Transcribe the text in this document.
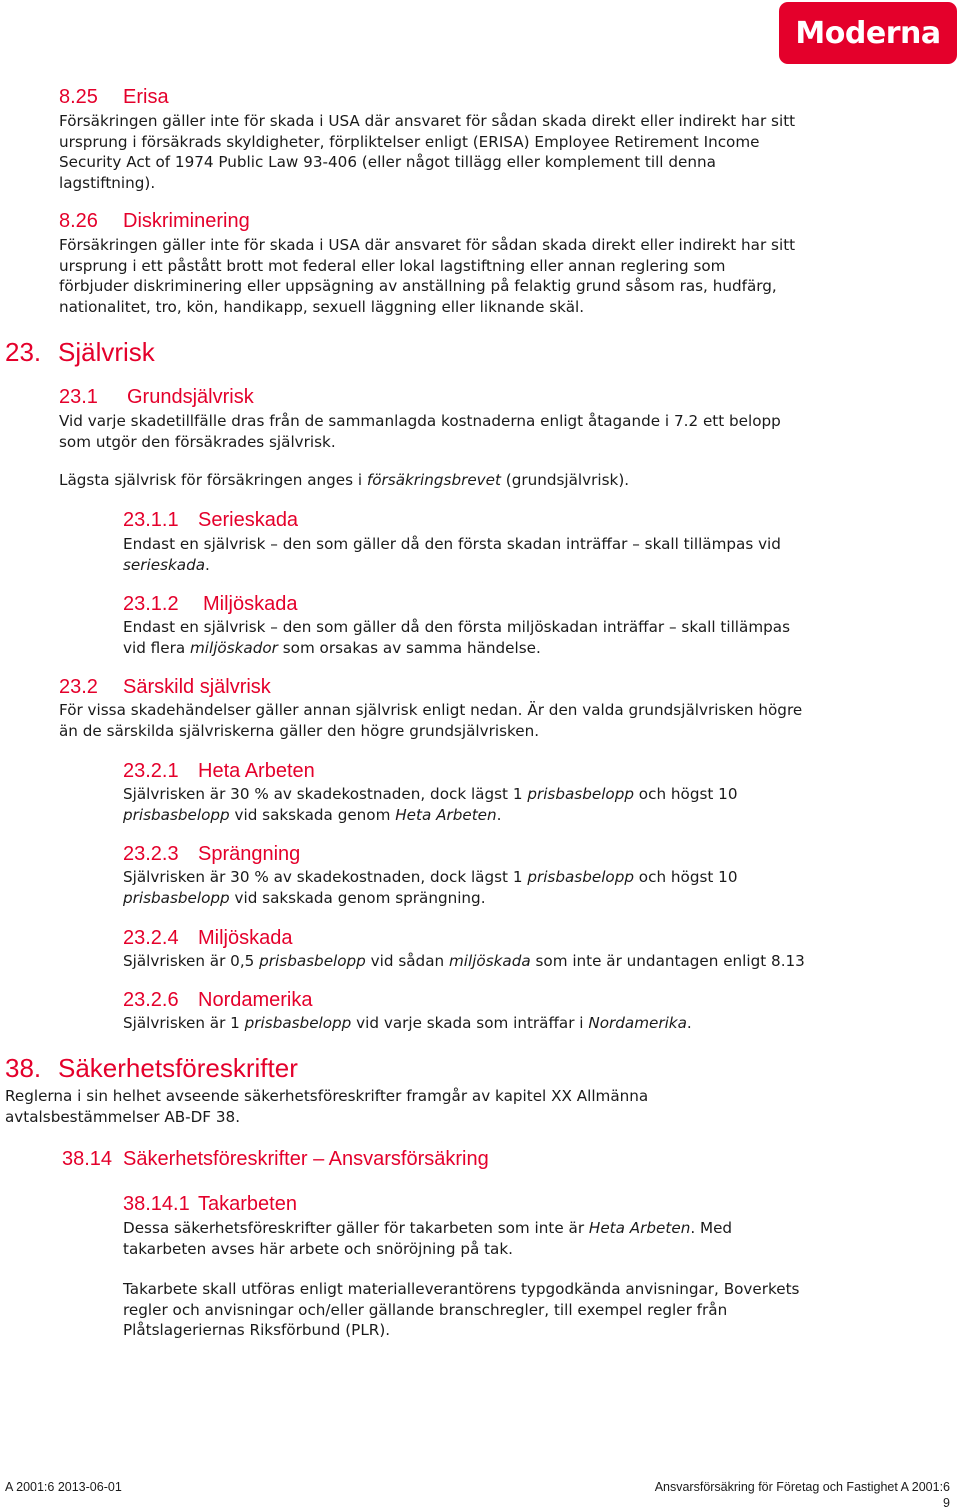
Moderna
8.25 Erisa
Försäkringen gäller inte för skada i USA där ansvaret för sådan skada direkt eller indirekt har sitt
ursprung i försäkrads skyldigheter, förpliktelser enligt (ERISA) Employee Retirement Income
Security Act of 1974 Public Law 93-406 (eller något tillägg eller komplement till denna
lagstiftning).
8.26 Diskriminering
Försäkringen gäller inte för skada i USA där ansvaret för sådan skada direkt eller indirekt har sitt
ursprung i ett påstått brott mot federal eller lokal lagstiftning eller annan reglering som
förbjuder diskriminering eller uppsägning av anställning på felaktig grund såsom ras, hudfärg,
nationalitet, tro, kön, handikapp, sexuell läggning eller liknande skäl.
23. Självrisk
23.1 Grundsjälvrisk
Vid varje skadetillfälle dras från de sammanlagda kostnaderna enligt åtagande i 7.2 ett belopp
som utgör den försäkrades självrisk.
Lägsta självrisk för försäkringen anges i försäkringsbrevet (grundsjälvrisk).
23.1.1 Serieskada
Endast en självrisk – den som gäller då den första skadan inträffar – skall tillämpas vid
serieskada.
23.1.2 Miljöskada
Endast en självrisk – den som gäller då den första miljöskadan inträffar – skall tillämpas
vid flera miljöskador som orsakas av samma händelse.
23.2 Särskild självrisk
För vissa skadehändelser gäller annan självrisk enligt nedan. Är den valda grundsjälvrisken högre
än de särskilda självriskerna gäller den högre grundsjälvrisken.
23.2.1 Heta Arbeten
Självrisken är 30 % av skadekostnaden, dock lägst 1 prisbasbelopp och högst 10
prisbasbelopp vid sakskada genom Heta Arbeten.
23.2.3 Sprängning
Självrisken är 30 % av skadekostnaden, dock lägst 1 prisbasbelopp och högst 10
prisbasbelopp vid sakskada genom sprängning.
23.2.4 Miljöskada
Självrisken är 0,5 prisbasbelopp vid sådan miljöskada som inte är undantagen enligt 8.13
23.2.6 Nordamerika
Självrisken är 1 prisbasbelopp vid varje skada som inträffar i Nordamerika.
38. Säkerhetsföreskrifter
Reglerna i sin helhet avseende säkerhetsföreskrifter framgår av kapitel XX Allmänna
avtalsbestämmelser AB-DF 38.
38.14 Säkerhetsföreskrifter – Ansvarsförsäkring
38.14.1 Takarbeten
Dessa säkerhetsföreskrifter gäller för takarbeten som inte är Heta Arbeten. Med
takarbeten avses här arbete och snöröjning på tak.
Takarbete skall utföras enligt materialleverantörens typgodkända anvisningar, Boverkets
regler och anvisningar och/eller gällande branschregler, till exempel regler från
Plåtslageriernas Riksförbund (PLR).
A 2001:6 2013-06-01	Ansvarsförsäkring för Företag och Fastighet A 2001:6
9
